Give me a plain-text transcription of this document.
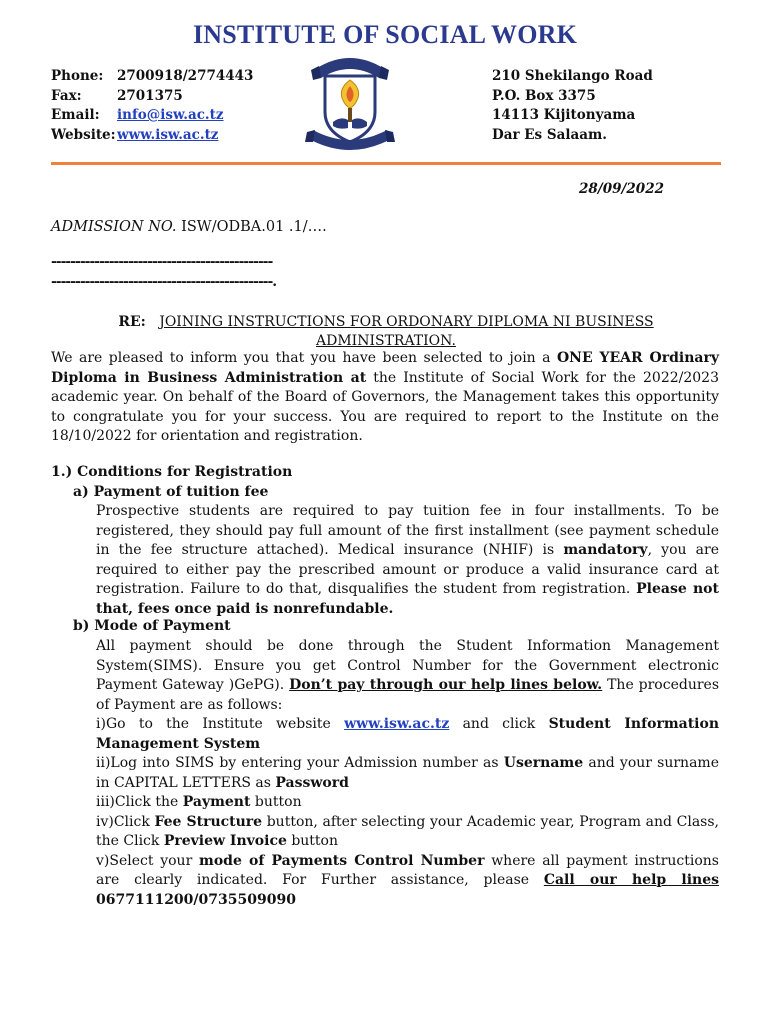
INSTITUTE OF SOCIAL WORK
Phone:	2700918/2774443
Fax:	2701375
Email:	info@isw.ac.tz
Website: www.isw.ac.tz
210 Shekilango Road
P.O. Box 3375
14113 Kijitonyama
Dar Es Salaam.
28/09/2022
ADMISSION NO. ISW/ODBA.01 .1/….
----------------------------------------------
----------------------------------------------.
RE: JOINING INSTRUCTIONS FOR ORDONARY DIPLOMA NI BUSINESS
ADMINISTRATION.
We are pleased to inform you that you have been selected to join a ONE YEAR Ordinary Diploma in Business Administration at the Institute of Social Work for the 2022/2023 academic year. On behalf of the Board of Governors, the Management takes this opportunity to congratulate you for your success. You are required to report to the Institute on the 18/10/2022 for orientation and registration.
1.) Conditions for Registration
a) Payment of tuition fee
Prospective students are required to pay tuition fee in four installments. To be registered, they should pay full amount of the first installment (see payment schedule in the fee structure attached). Medical insurance (NHIF) is mandatory, you are required to either pay the prescribed amount or produce a valid insurance card at registration. Failure to do that, disqualifies the student from registration. Please not that, fees once paid is nonrefundable.
b) Mode of Payment
All payment should be done through the Student Information Management System(SIMS). Ensure you get Control Number for the Government electronic Payment Gateway )GePG). Don’t pay through our help lines below. The procedures of Payment are as follows:
i)Go to the Institute website www.isw.ac.tz and click Student Information Management System
ii)Log into SIMS by entering your Admission number as Username and your surname in CAPITAL LETTERS as Password
iii)Click the Payment button
iv)Click Fee Structure button, after selecting your Academic year, Program and Class, the Click Preview Invoice button
v)Select your mode of Payments Control Number where all payment instructions are clearly indicated. For Further assistance, please Call our help lines 0677111200/0735509090
